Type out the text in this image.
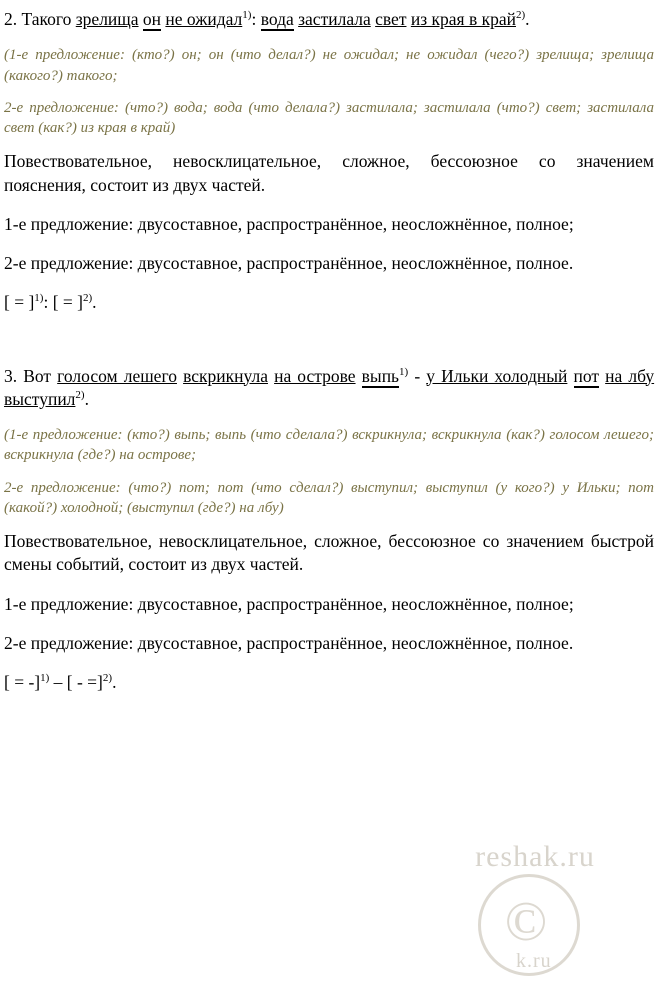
reshak.ru
©
k.ru
2. Такого зрелища он не ожидал$^{1)}$: вода застилала свет из края в край$^{2)}$.

(1-е предложение: (кто?) он; он (что делал?) не ожидал; не ожидал (чего?) зрелища; зрелища (какого?) такого;

2-е предложение: (что?) вода; вода (что делала?) застилала; застилала (что?) свет; застилала свет (как?) из края в край)

Повествовательное, невосклицательное, сложное, бессоюзное со значением пояснения, состоит из двух частей.

1-е предложение: двусоставное, распространённое, неосложнённое, полное;

2-е предложение: двусоставное, распространённое, неосложнённое, полное.

[ = ]$^{1)}$: [ = ]$^{2)}$.

3. Вот голосом лешего вскрикнула на острове выпь$^{1)}$ - у Ильки холодный пот на лбу выступил$^{2)}$.

(1-е предложение: (кто?) выпь; выпь (что сделала?) вскрикнула; вскрикнула (как?) голосом лешего; вскрикнула (где?) на острове;

2-е предложение: (что?) пот; пот (что сделал?) выступил; выступил (у кого?) у Ильки; пот (какой?) холодной; (выступил (где?) на лбу)

Повествовательное, невосклицательное, сложное, бессоюзное со значением быстрой смены событий, состоит из двух частей.

1-е предложение: двусоставное, распространённое, неосложнённое, полное;

2-е предложение: двусоставное, распространённое, неосложнённое, полное.

[ = -]$^{1)}$ – [ - =]$^{2)}$.
